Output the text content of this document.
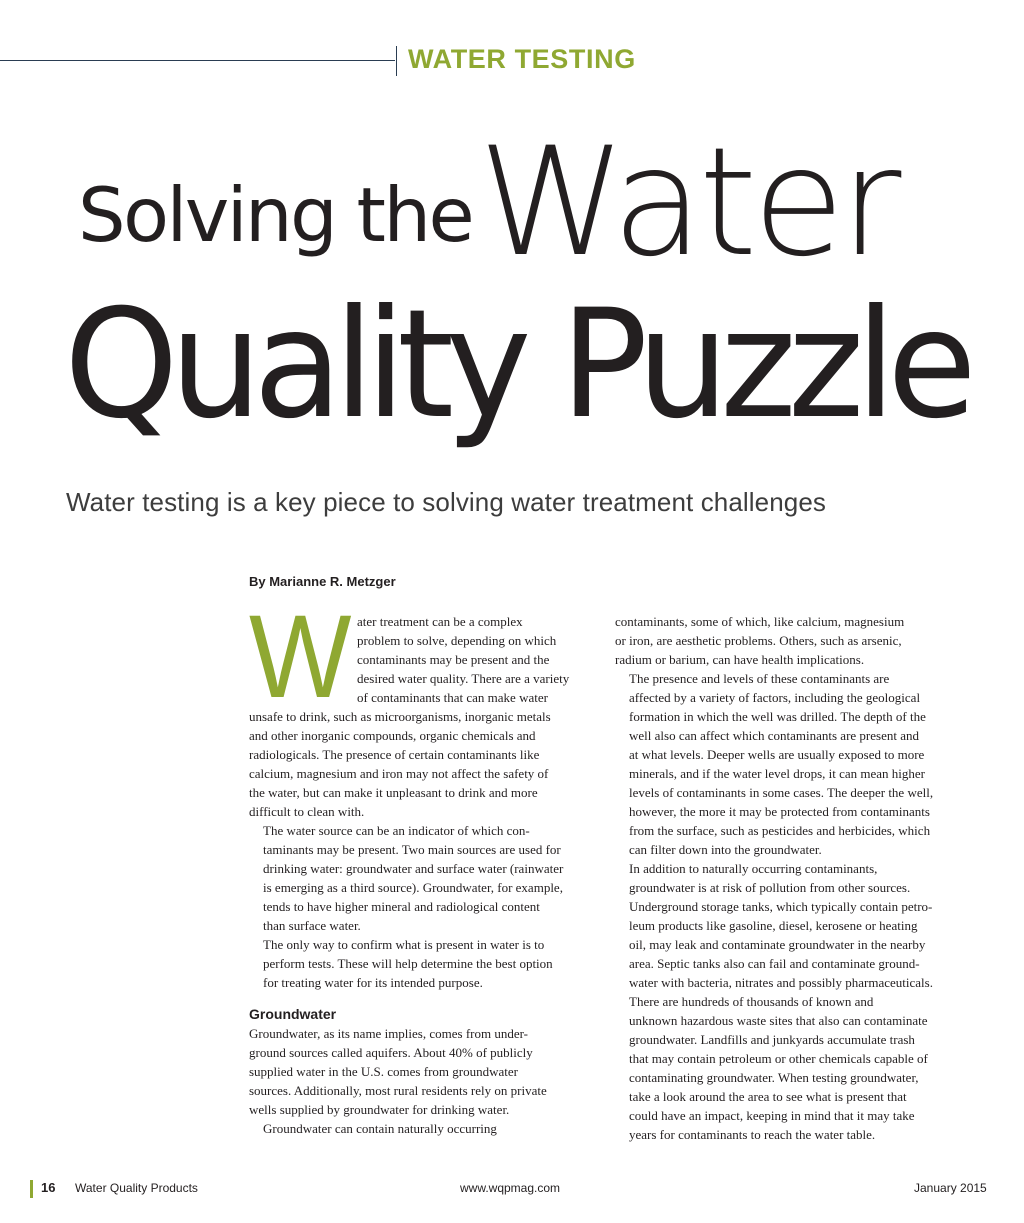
WATER TESTING
Solving the Water
Quality Puzzle
Water testing is a key piece to solving water treatment challenges
By Marianne R. Metzger

W ater treatment can be a complex
problem to solve, depending on which
contaminants may be present and the
desired water quality. There are a variety
of contaminants that can make water
unsafe to drink, such as microorganisms, inorganic metals
and other inorganic compounds, organic chemicals and
radiologicals. The presence of certain contaminants like
calcium, magnesium and iron may not affect the safety of
the water, but can make it unpleasant to drink and more
difficult to clean with.

The water source can be an indicator of which con-
taminants may be present. Two main sources are used for
drinking water: groundwater and surface water (rainwater
is emerging as a third source). Groundwater, for example,
tends to have higher mineral and radiological content
than surface water.

The only way to confirm what is present in water is to
perform tests. These will help determine the best option
for treating water for its intended purpose.

Groundwater

Groundwater, as its name implies, comes from under-
ground sources called aquifers. About 40% of publicly
supplied water in the U.S. comes from groundwater
sources. Additionally, most rural residents rely on private
wells supplied by groundwater for drinking water.

Groundwater can contain naturally occurring

contaminants, some of which, like calcium, magnesium
or iron, are aesthetic problems. Others, such as arsenic,
radium or barium, can have health implications.

The presence and levels of these contaminants are
affected by a variety of factors, including the geological
formation in which the well was drilled. The depth of the
well also can affect which contaminants are present and
at what levels. Deeper wells are usually exposed to more
minerals, and if the water level drops, it can mean higher
levels of contaminants in some cases. The deeper the well,
however, the more it may be protected from contaminants
from the surface, such as pesticides and herbicides, which
can filter down into the groundwater.

In addition to naturally occurring contaminants,
groundwater is at risk of pollution from other sources.
Underground storage tanks, which typically contain petro-
leum products like gasoline, diesel, kerosene or heating
oil, may leak and contaminate groundwater in the nearby
area. Septic tanks also can fail and contaminate ground-
water with bacteria, nitrates and possibly pharmaceuticals.

There are hundreds of thousands of known and
unknown hazardous waste sites that also can contaminate
groundwater. Landfills and junkyards accumulate trash
that may contain petroleum or other chemicals capable of
contaminating groundwater. When testing groundwater,
take a look around the area to see what is present that
could have an impact, keeping in mind that it may take
years for contaminants to reach the water table.

16 Water Quality Products	www.wqpmag.com	January 2015
